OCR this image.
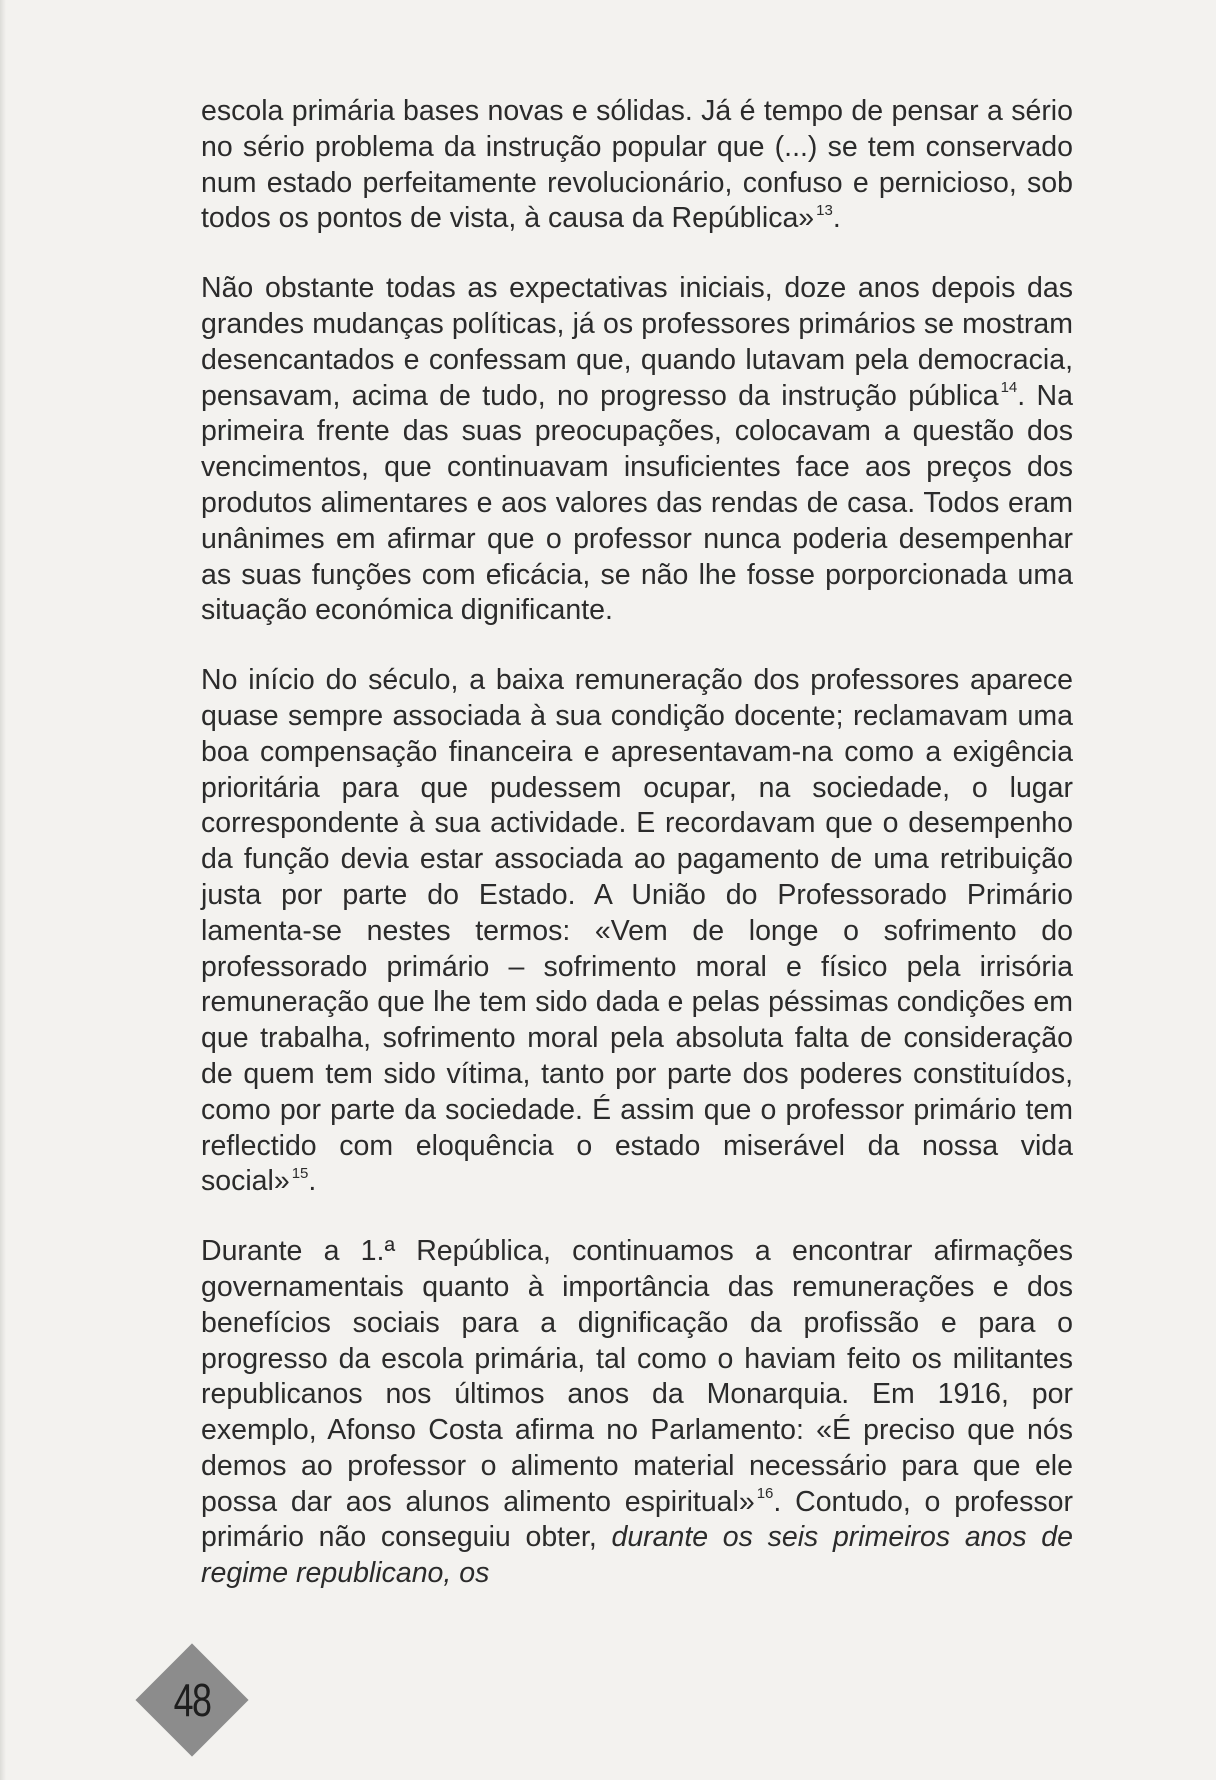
escola primária bases novas e sólidas. Já é tempo de pensar a sério no sério problema da instrução popular que (...) se tem conservado num estado perfeitamente revolucionário, confuso e pernicioso, sob todos os pontos de vista, à causa da República» $^{13}$.

Não obstante todas as expectativas iniciais, doze anos depois das grandes mudanças políticas, já os professores primários se mostram desencantados e confessam que, quando lutavam pela democracia, pensavam, acima de tudo, no progresso da instrução pública $^{14}$. Na primeira frente das suas preocupações, colocavam a questão dos vencimentos, que continuavam insuficientes face aos preços dos produtos alimentares e aos valores das rendas de casa. Todos eram unânimes em afirmar que o professor nunca poderia desempenhar as suas funções com eficácia, se não lhe fosse porporcionada uma situação económica dignificante.

No início do século, a baixa remuneração dos professores aparece quase sempre associada à sua condição docente; reclamavam uma boa compensação financeira e apresentavam-na como a exigência prioritária para que pudessem ocupar, na sociedade, o lugar correspondente à sua actividade. E recordavam que o desempenho da função devia estar associada ao pagamento de uma retribuição justa por parte do Estado. A União do Professorado Primário lamenta-se nestes termos: «Vem de longe o sofrimento do professorado primário – sofrimento moral e físico pela irrisória remuneração que lhe tem sido dada e pelas péssimas condições em que trabalha, sofrimento moral pela absoluta falta de consideração de quem tem sido vítima, tanto por parte dos poderes constituídos, como por parte da sociedade. É assim que o professor primário tem reflectido com eloquência o estado miserável da nossa vida social» $^{15}$.

Durante a 1.ª República, continuamos a encontrar afirmações governamentais quanto à importância das remunerações e dos benefícios sociais para a dignificação da profissão e para o progresso da escola primária, tal como o haviam feito os militantes republicanos nos últimos anos da Monarquia. Em 1916, por exemplo, Afonso Costa afirma no Parlamento: «É preciso que nós demos ao professor o alimento material necessário para que ele possa dar aos alunos alimento espiritual» $^{16}$. Contudo, o professor primário não conseguiu obter, durante os seis primeiros anos de regime republicano, os

48
